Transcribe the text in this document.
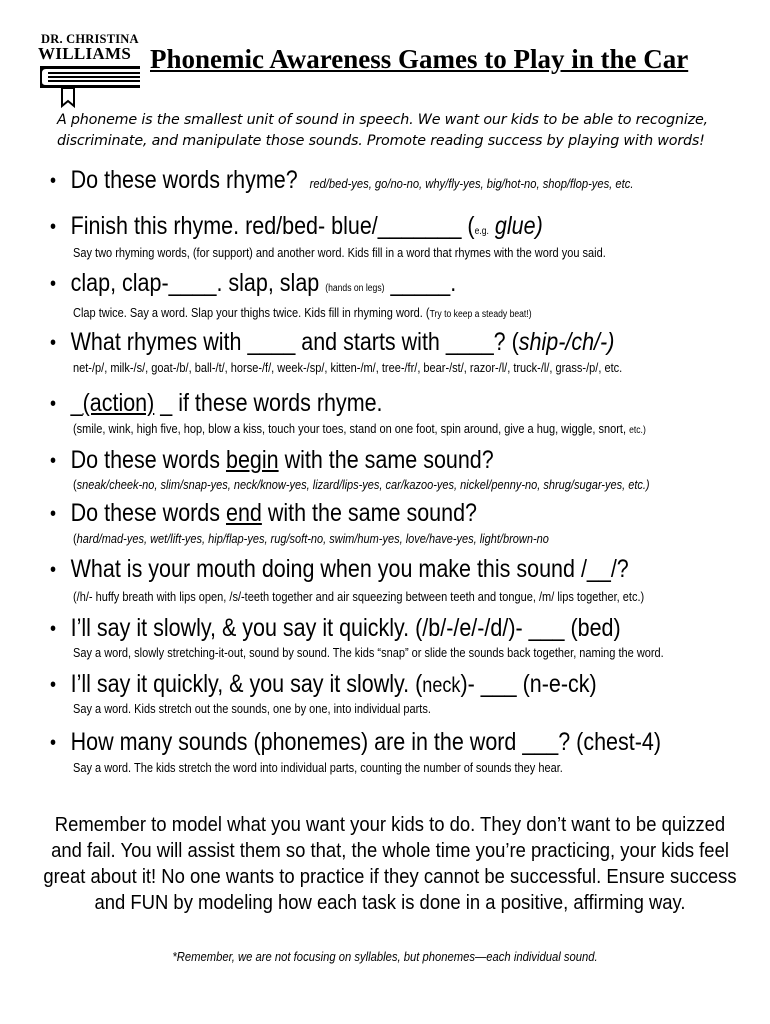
DR. CHRISTINA
WILLIAMS Phonemic Awareness Games to Play in the Car
A phoneme is the smallest unit of sound in speech. We want our kids to be able to recognize, discriminate, and manipulate those sounds. Promote reading success by playing with words!
• Do these words rhyme? red/bed-yes, go/no-no, why/fly-yes, big/hot-no, shop/flop-yes, etc.
• Finish this rhyme. red/bed- blue/_______ (e.g. glue)
Say two rhyming words, (for support) and another word. Kids fill in a word that rhymes with the word you said.
• clap, clap-____. slap, slap (hands on legs) _____.
Clap twice. Say a word. Slap your thighs twice. Kids fill in rhyming word. (Try to keep a steady beat!)
• What rhymes with ____ and starts with ____? (ship-/ch/-)
net-/p/, milk-/s/, goat-/b/, ball-/t/, horse-/f/, week-/sp/, kitten-/m/, tree-/fr/, bear-/st/, razor-/l/, truck-/l/, grass-/p/, etc.
• _(action) _ if these words rhyme.
(smile, wink, high five, hop, blow a kiss, touch your toes, stand on one foot, spin around, give a hug, wiggle, snort, etc.)
• Do these words begin with the same sound?
(sneak/cheek-no, slim/snap-yes, neck/know-yes, lizard/lips-yes, car/kazoo-yes, nickel/penny-no, shrug/sugar-yes, etc.)
• Do these words end with the same sound?
(hard/mad-yes, wet/lift-yes, hip/flap-yes, rug/soft-no, swim/hum-yes, love/have-yes, light/brown-no
• What is your mouth doing when you make this sound /__/?
(/h/- huffy breath with lips open, /s/-teeth together and air squeezing between teeth and tongue, /m/ lips together, etc.)
• I’ll say it slowly, & you say it quickly. (/b/-/e/-/d/)- ___ (bed)
Say a word, slowly stretching-it-out, sound by sound. The kids “snap” or slide the sounds back together, naming the word.
• I’ll say it quickly, & you say it slowly. (neck)- ___ (n-e-ck)
Say a word. Kids stretch out the sounds, one by one, into individual parts.
• How many sounds (phonemes) are in the word ___? (chest-4)
Say a word. The kids stretch the word into individual parts, counting the number of sounds they hear.
Remember to model what you want your kids to do. They don’t want to be quizzed and fail. You will assist them so that, the whole time you’re practicing, your kids feel great about it! No one wants to practice if they cannot be successful. Ensure success and FUN by modeling how each task is done in a positive, affirming way.
*Remember, we are not focusing on syllables, but phonemes—each individual sound.
